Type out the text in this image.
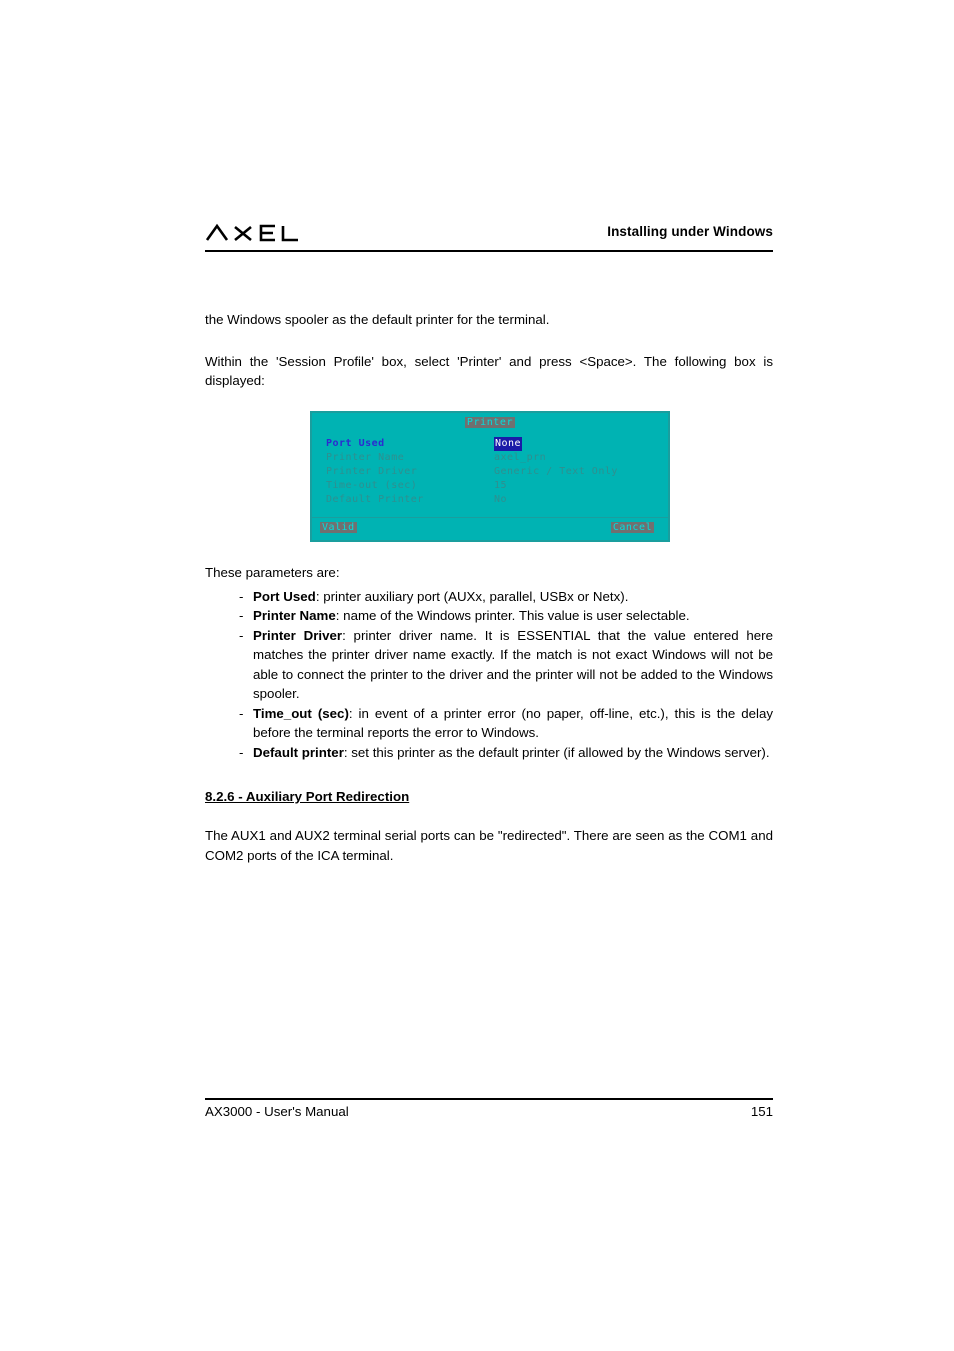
Installing under Windows

the Windows spooler as the default printer for the terminal.

Within the 'Session Profile' box, select 'Printer' and press <Space>. The following box is displayed:

Printer
Port Used	None
Printer Name	axel_prn
Printer Driver	Generic / Text Only
Time-out (sec)	15
Default Printer	No
Valid	Cancel

These parameters are:

- Port Used: printer auxiliary port (AUXx, parallel, USBx or Netx).
- Printer Name: name of the Windows printer. This value is user selectable.
- Printer Driver: printer driver name. It is ESSENTIAL that the value entered here matches the printer driver name exactly. If the match is not exact Windows will not be able to connect the printer to the driver and the printer will not be added to the Windows spooler.
- Time_out (sec): in event of a printer error (no paper, off-line, etc.), this is the delay before the terminal reports the error to Windows.
- Default printer: set this printer as the default printer (if allowed by the Windows server).
8.2.6 - Auxiliary Port Redirection

The AUX1 and AUX2 terminal serial ports can be "redirected". There are seen as the COM1 and COM2 ports of the ICA terminal.

AX3000 - User's Manual	151
